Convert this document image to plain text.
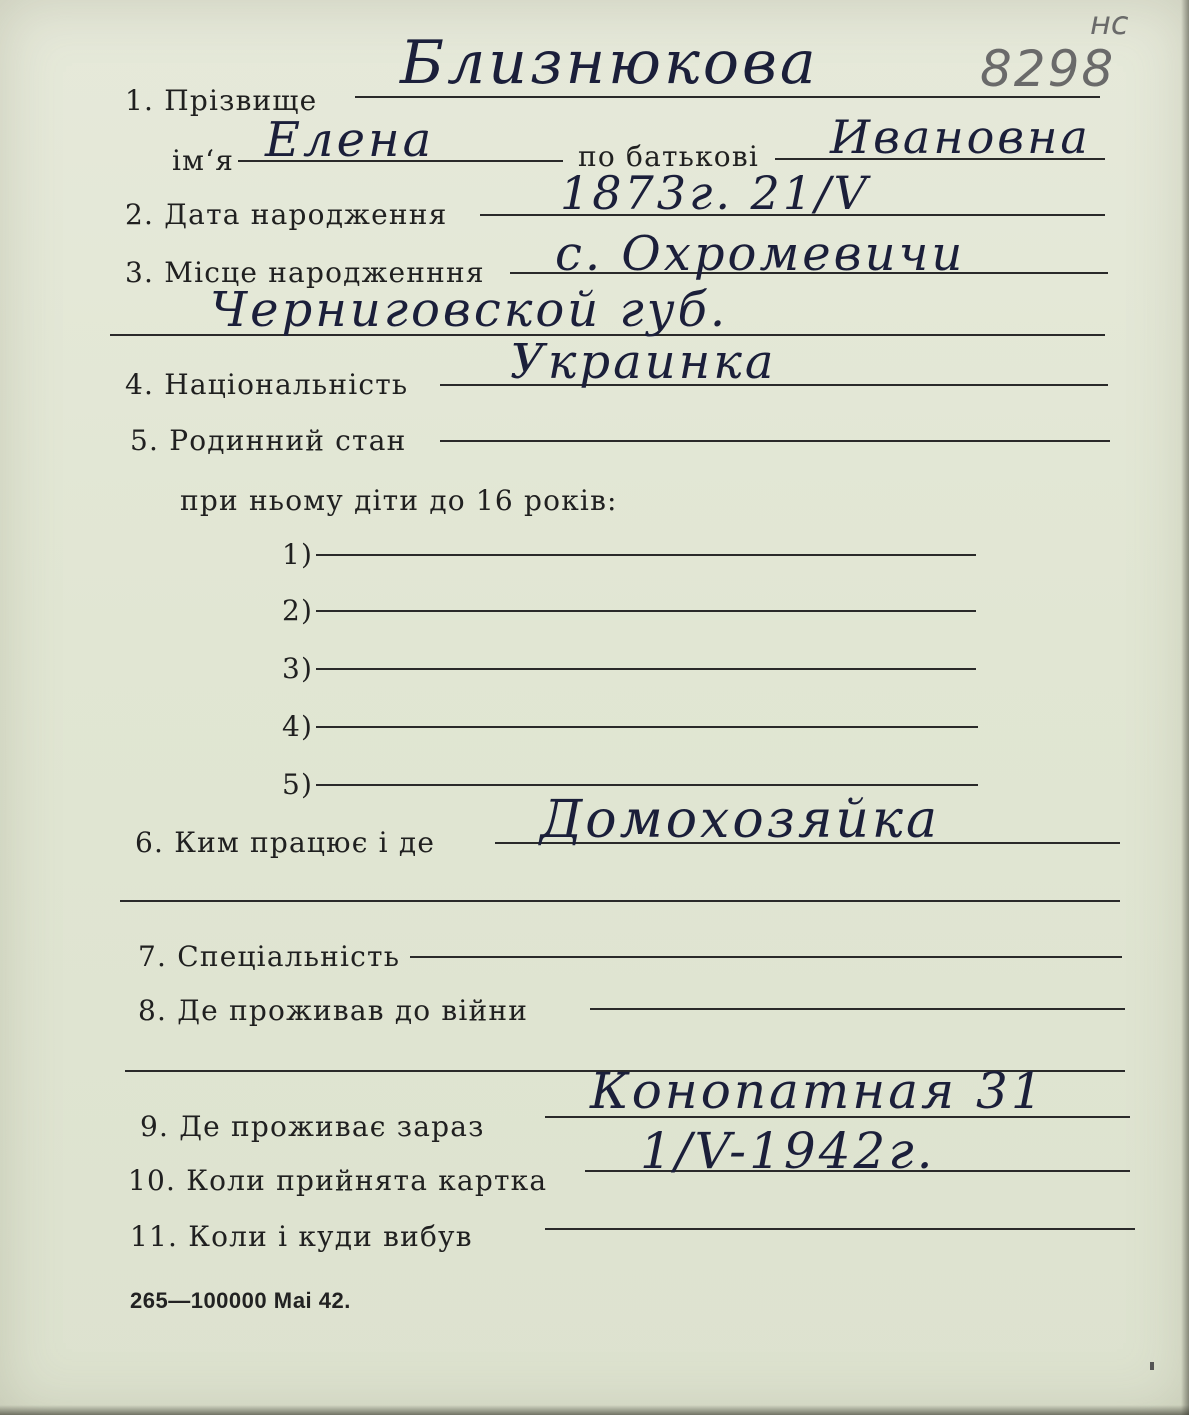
8298
нс
1. Прізвище
Близнюкова
ім‘я Елена	по батькові Ивановна
2. Дата народження 1873г. 21/V
3. Місце народженння с. Охромевичи
Черниговской губ.
4. Національність Украинка
5. Родинний стан
при ньому діти до 16 років:
1)
2)
3)
4)
5)
6. Ким працює і де Домохозяйка
7. Спеціальність
8. Де проживав до війни
9. Де проживає зараз
Конопатная 31
10. Коли прийнята картка
1/V-1942г.
11. Коли і куди вибув
265—100000 Маі 42.
